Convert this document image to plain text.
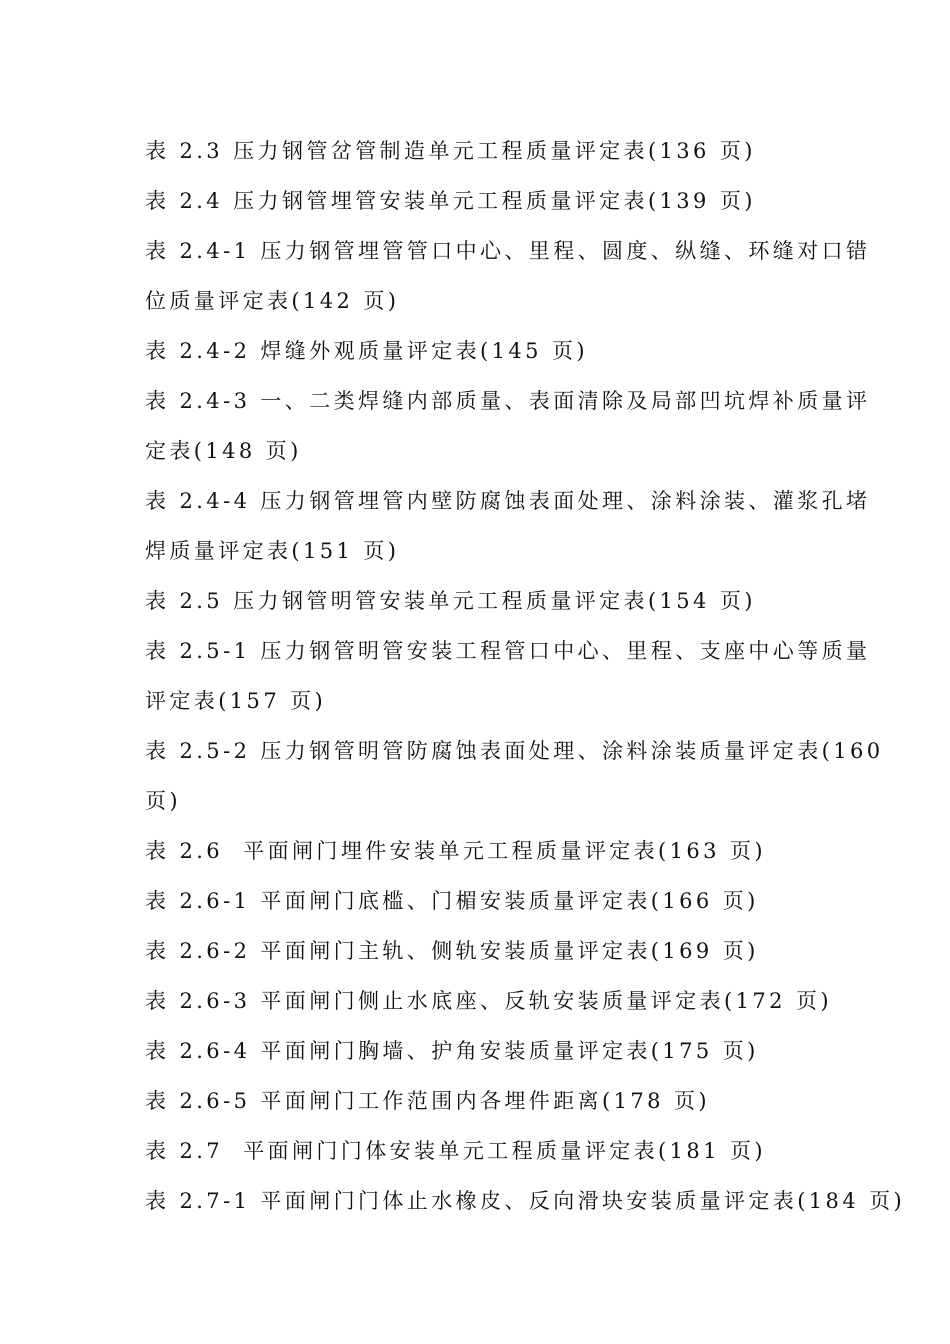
表 2.3 压力钢管岔管制造单元工程质量评定表(136 页)
表 2.4 压力钢管埋管安装单元工程质量评定表(139 页)
表 2.4-1 压力钢管埋管管口中心、里程、圆度、纵缝、环缝对口错
位质量评定表(142 页)
表 2.4-2 焊缝外观质量评定表(145 页)
表 2.4-3 一、二类焊缝内部质量、表面清除及局部凹坑焊补质量评
定表(148 页)
表 2.4-4 压力钢管埋管内壁防腐蚀表面处理、涂料涂装、灌浆孔堵
焊质量评定表(151 页)
表 2.5 压力钢管明管安装单元工程质量评定表(154 页)
表 2.5-1 压力钢管明管安装工程管口中心、里程、支座中心等质量
评定表(157 页)
表 2.5-2 压力钢管明管防腐蚀表面处理、涂料涂装质量评定表(160
页)
表 2.6  平面闸门埋件安装单元工程质量评定表(163 页)
表 2.6-1 平面闸门底槛、门楣安装质量评定表(166 页)
表 2.6-2 平面闸门主轨、侧轨安装质量评定表(169 页)
表 2.6-3 平面闸门侧止水底座、反轨安装质量评定表(172 页)
表 2.6-4 平面闸门胸墙、护角安装质量评定表(175 页)
表 2.6-5 平面闸门工作范围内各埋件距离(178 页)
表 2.7  平面闸门门体安装单元工程质量评定表(181 页)
表 2.7-1 平面闸门门体止水橡皮、反向滑块安装质量评定表(184 页)
